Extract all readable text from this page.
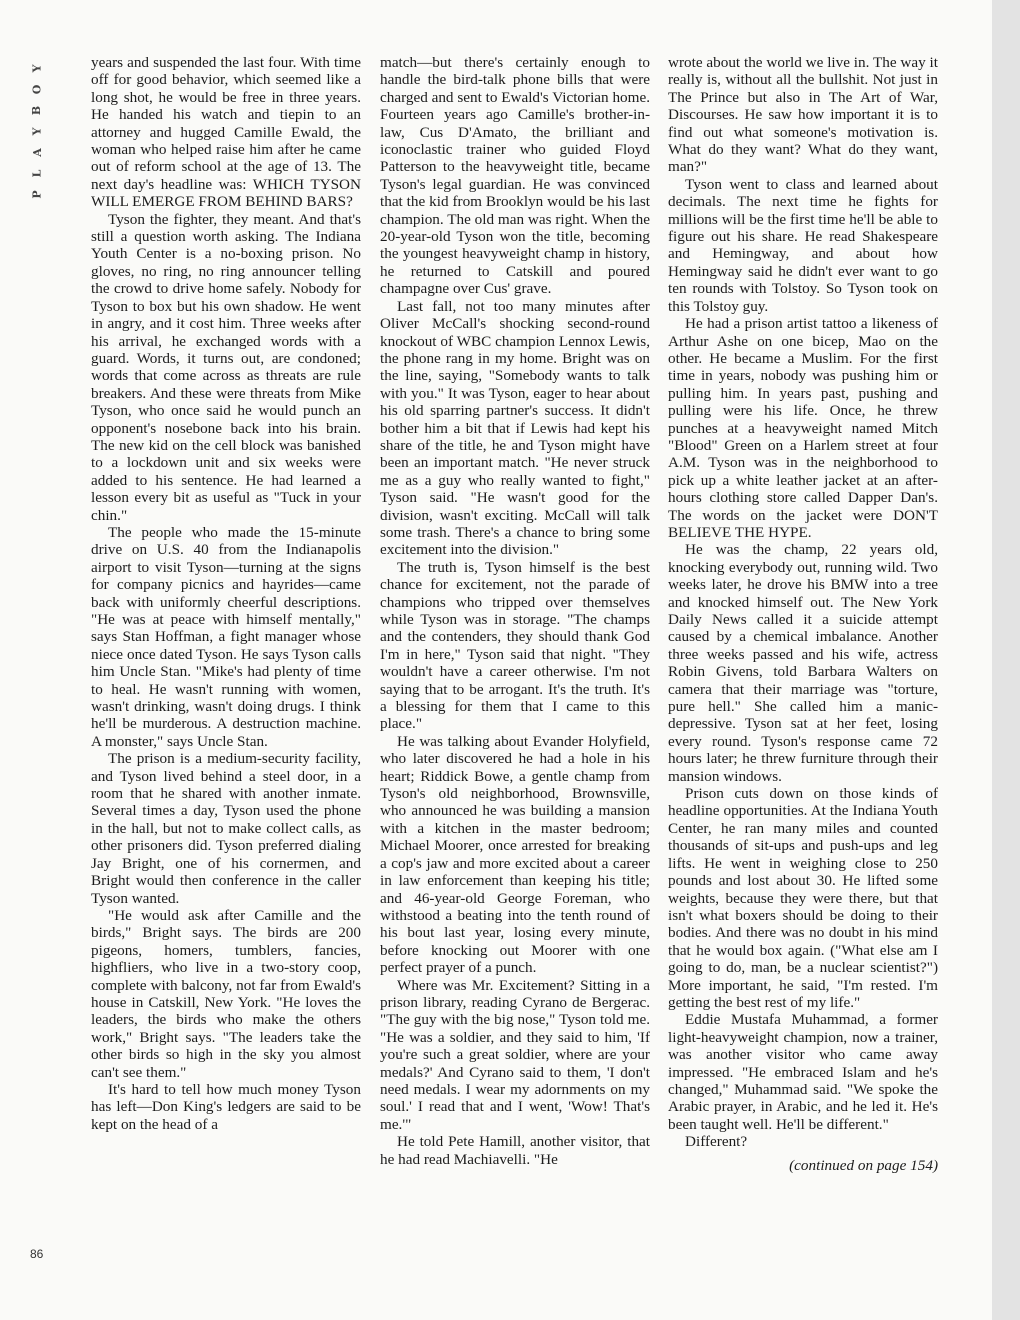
Y
O
B
Y
A
L
P

years and suspended the last four. With time off for good behavior, which seemed like a long shot, he would be free in three years. He handed his watch and tiepin to an attorney and hugged Camille Ewald, the woman who helped raise him after he came out of reform school at the age of 13. The next day's headline was: WHICH TYSON WILL EMERGE FROM BEHIND BARS?

Tyson the fighter, they meant. And that's still a question worth asking. The Indiana Youth Center is a no-boxing prison. No gloves, no ring, no ring announcer telling the crowd to drive home safely. Nobody for Tyson to box but his own shadow. He went in angry, and it cost him. Three weeks after his arrival, he exchanged words with a guard. Words, it turns out, are condoned; words that come across as threats are rule breakers. And these were threats from Mike Tyson, who once said he would punch an opponent's nosebone back into his brain. The new kid on the cell block was banished to a lockdown unit and six weeks were added to his sentence. He had learned a lesson every bit as useful as "Tuck in your chin."

The people who made the 15-minute drive on U.S. 40 from the Indianapolis airport to visit Tyson—turning at the signs for company picnics and hayrides—came back with uniformly cheerful descriptions. "He was at peace with himself mentally," says Stan Hoffman, a fight manager whose niece once dated Tyson. He says Tyson calls him Uncle Stan. "Mike's had plenty of time to heal. He wasn't running with women, wasn't drinking, wasn't doing drugs. I think he'll be murderous. A destruction machine. A monster," says Uncle Stan.

The prison is a medium-security facility, and Tyson lived behind a steel door, in a room that he shared with another inmate. Several times a day, Tyson used the phone in the hall, but not to make collect calls, as other prisoners did. Tyson preferred dialing Jay Bright, one of his cornermen, and Bright would then conference in the caller Tyson wanted.

"He would ask after Camille and the birds," Bright says. The birds are 200 pigeons, homers, tumblers, fancies, highfliers, who live in a two-story coop, complete with balcony, not far from Ewald's house in Catskill, New York. "He loves the leaders, the birds who make the others work," Bright says. "The leaders take the other birds so high in the sky you almost can't see them."

It's hard to tell how much money Tyson has left—Don King's ledgers are said to be kept on the head of a

match—but there's certainly enough to handle the bird-talk phone bills that were charged and sent to Ewald's Victorian home. Fourteen years ago Camille's brother-in-law, Cus D'Amato, the brilliant and iconoclastic trainer who guided Floyd Patterson to the heavyweight title, became Tyson's legal guardian. He was convinced that the kid from Brooklyn would be his last champion. The old man was right. When the 20-year-old Tyson won the title, becoming the youngest heavyweight champ in history, he returned to Catskill and poured champagne over Cus' grave.

Last fall, not too many minutes after Oliver McCall's shocking second-round knockout of WBC champion Lennox Lewis, the phone rang in my home. Bright was on the line, saying, "Somebody wants to talk with you." It was Tyson, eager to hear about his old sparring partner's success. It didn't bother him a bit that if Lewis had kept his share of the title, he and Tyson might have been an important match. "He never struck me as a guy who really wanted to fight," Tyson said. "He wasn't good for the division, wasn't exciting. McCall will talk some trash. There's a chance to bring some excitement into the division."

The truth is, Tyson himself is the best chance for excitement, not the parade of champions who tripped over themselves while Tyson was in storage. "The champs and the contenders, they should thank God I'm in here," Tyson said that night. "They wouldn't have a career otherwise. I'm not saying that to be arrogant. It's the truth. It's a blessing for them that I came to this place."

He was talking about Evander Holyfield, who later discovered he had a hole in his heart; Riddick Bowe, a gentle champ from Tyson's old neighborhood, Brownsville, who announced he was building a mansion with a kitchen in the master bedroom; Michael Moorer, once arrested for breaking a cop's jaw and more excited about a career in law enforcement than keeping his title; and 46-year-old George Foreman, who withstood a beating into the tenth round of his bout last year, losing every minute, before knocking out Moorer with one perfect prayer of a punch.

Where was Mr. Excitement? Sitting in a prison library, reading Cyrano de Bergerac. "The guy with the big nose," Tyson told me. "He was a soldier, and they said to him, 'If you're such a great soldier, where are your medals?' And Cyrano said to them, 'I don't need medals. I wear my adornments on my soul.' I read that and I went, 'Wow! That's me.'"

He told Pete Hamill, another visitor, that he had read Machiavelli. "He

wrote about the world we live in. The way it really is, without all the bullshit. Not just in The Prince but also in The Art of War, Discourses. He saw how important it is to find out what someone's motivation is. What do they want? What do they want, man?"

Tyson went to class and learned about decimals. The next time he fights for millions will be the first time he'll be able to figure out his share. He read Shakespeare and Hemingway, and about how Hemingway said he didn't ever want to go ten rounds with Tolstoy. So Tyson took on this Tolstoy guy.

He had a prison artist tattoo a likeness of Arthur Ashe on one bicep, Mao on the other. He became a Muslim. For the first time in years, nobody was pushing him or pulling him. In years past, pushing and pulling were his life. Once, he threw punches at a heavyweight named Mitch "Blood" Green on a Harlem street at four A.M. Tyson was in the neighborhood to pick up a white leather jacket at an after-hours clothing store called Dapper Dan's. The words on the jacket were DON'T BELIEVE THE HYPE.

He was the champ, 22 years old, knocking everybody out, running wild. Two weeks later, he drove his BMW into a tree and knocked himself out. The New York Daily News called it a suicide attempt caused by a chemical imbalance. Another three weeks passed and his wife, actress Robin Givens, told Barbara Walters on camera that their marriage was "torture, pure hell." She called him a manic-depressive. Tyson sat at her feet, losing every round. Tyson's response came 72 hours later; he threw furniture through their mansion windows.

Prison cuts down on those kinds of headline opportunities. At the Indiana Youth Center, he ran many miles and counted thousands of sit-ups and push-ups and leg lifts. He went in weighing close to 250 pounds and lost about 30. He lifted some weights, because they were there, but that isn't what boxers should be doing to their bodies. And there was no doubt in his mind that he would box again. ("What else am I going to do, man, be a nuclear scientist?") More important, he said, "I'm rested. I'm getting the best rest of my life."

Eddie Mustafa Muhammad, a former light-heavyweight champion, now a trainer, was another visitor who came away impressed. "He embraced Islam and he's changed," Muhammad said. "We spoke the Arabic prayer, in Arabic, and he led it. He's been taught well. He'll be different."

Different?

(continued on page 154)

86
